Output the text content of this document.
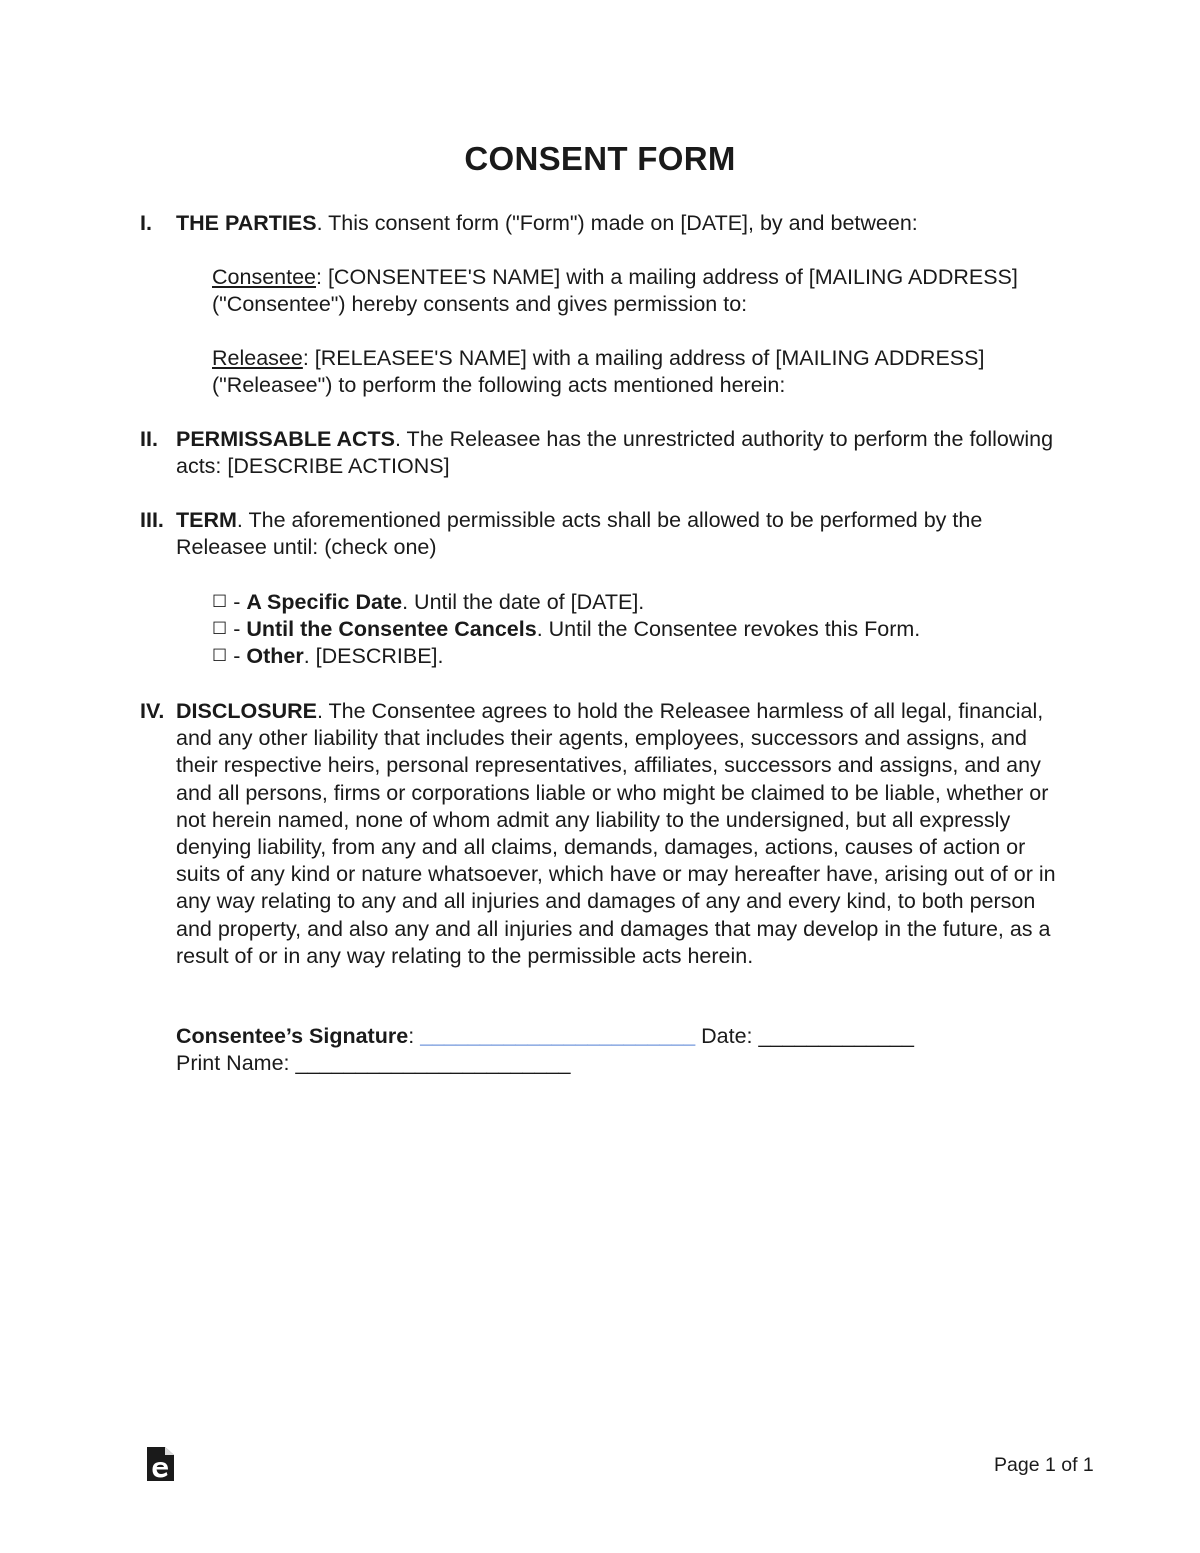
CONSENT FORM
I.	THE PARTIES. This consent form ("Form") made on [DATE], by and between:
Consentee: [CONSENTEE'S NAME] with a mailing address of [MAILING ADDRESS] ("Consentee") hereby consents and gives permission to:
Releasee: [RELEASEE'S NAME] with a mailing address of [MAILING ADDRESS] ("Releasee") to perform the following acts mentioned herein:
II. PERMISSABLE ACTS. The Releasee has the unrestricted authority to perform the following acts: [DESCRIBE ACTIONS]
III. TERM. The aforementioned permissible acts shall be allowed to be performed by the Releasee until: (check one)
☐ - A Specific Date. Until the date of [DATE].
☐ - Until the Consentee Cancels. Until the Consentee revokes this Form.
☐ - Other. [DESCRIBE].
IV. DISCLOSURE. The Consentee agrees to hold the Releasee harmless of all legal, financial, and any other liability that includes their agents, employees, successors and assigns, and their respective heirs, personal representatives, affiliates, successors and assigns, and any and all persons, firms or corporations liable or who might be claimed to be liable, whether or not herein named, none of whom admit any liability to the undersigned, but all expressly denying liability, from any and all claims, demands, damages, actions, causes of action or suits of any kind or nature whatsoever, which have or may hereafter have, arising out of or in any way relating to any and all injuries and damages of any and every kind, to both person and property, and also any and all injuries and damages that may develop in the future, as a result of or in any way relating to the permissible acts herein.
Consentee’s Signature: _______________________ Date: _____________
Print Name: _______________________
Page 1 of 1
